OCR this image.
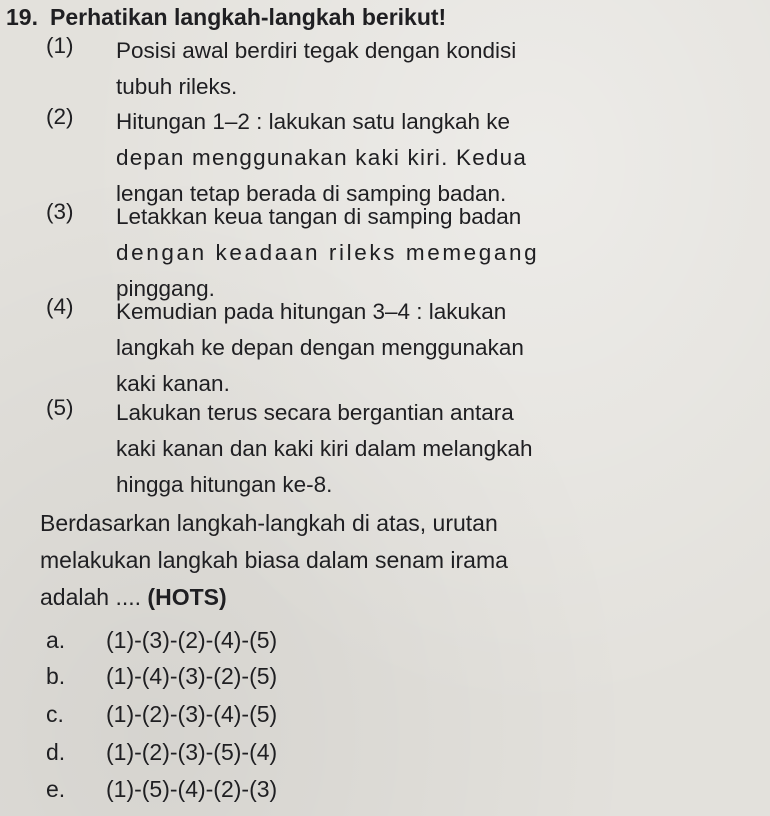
19. Perhatikan langkah-langkah berikut!
(1)	Posisi awal berdiri tegak dengan kondisi
tubuh rileks.
(2)	Hitungan 1–2 : lakukan satu langkah ke
depan menggunakan kaki kiri. Kedua
lengan tetap berada di samping badan.
(3)	Letakkan keua tangan di samping badan
dengan keadaan rileks memegang
pinggang.
(4)	Kemudian pada hitungan 3–4 : lakukan
langkah ke depan dengan menggunakan
kaki kanan.
(5)	Lakukan terus secara bergantian antara
kaki kanan dan kaki kiri dalam melangkah
hingga hitungan ke-8.
Berdasarkan langkah-langkah di atas, urutan
melakukan langkah biasa dalam senam irama
adalah .... (HOTS)
a.	(1)-(3)-(2)-(4)-(5)
b.	(1)-(4)-(3)-(2)-(5)
c.	(1)-(2)-(3)-(4)-(5)
d.	(1)-(2)-(3)-(5)-(4)
e.	(1)-(5)-(4)-(2)-(3)
